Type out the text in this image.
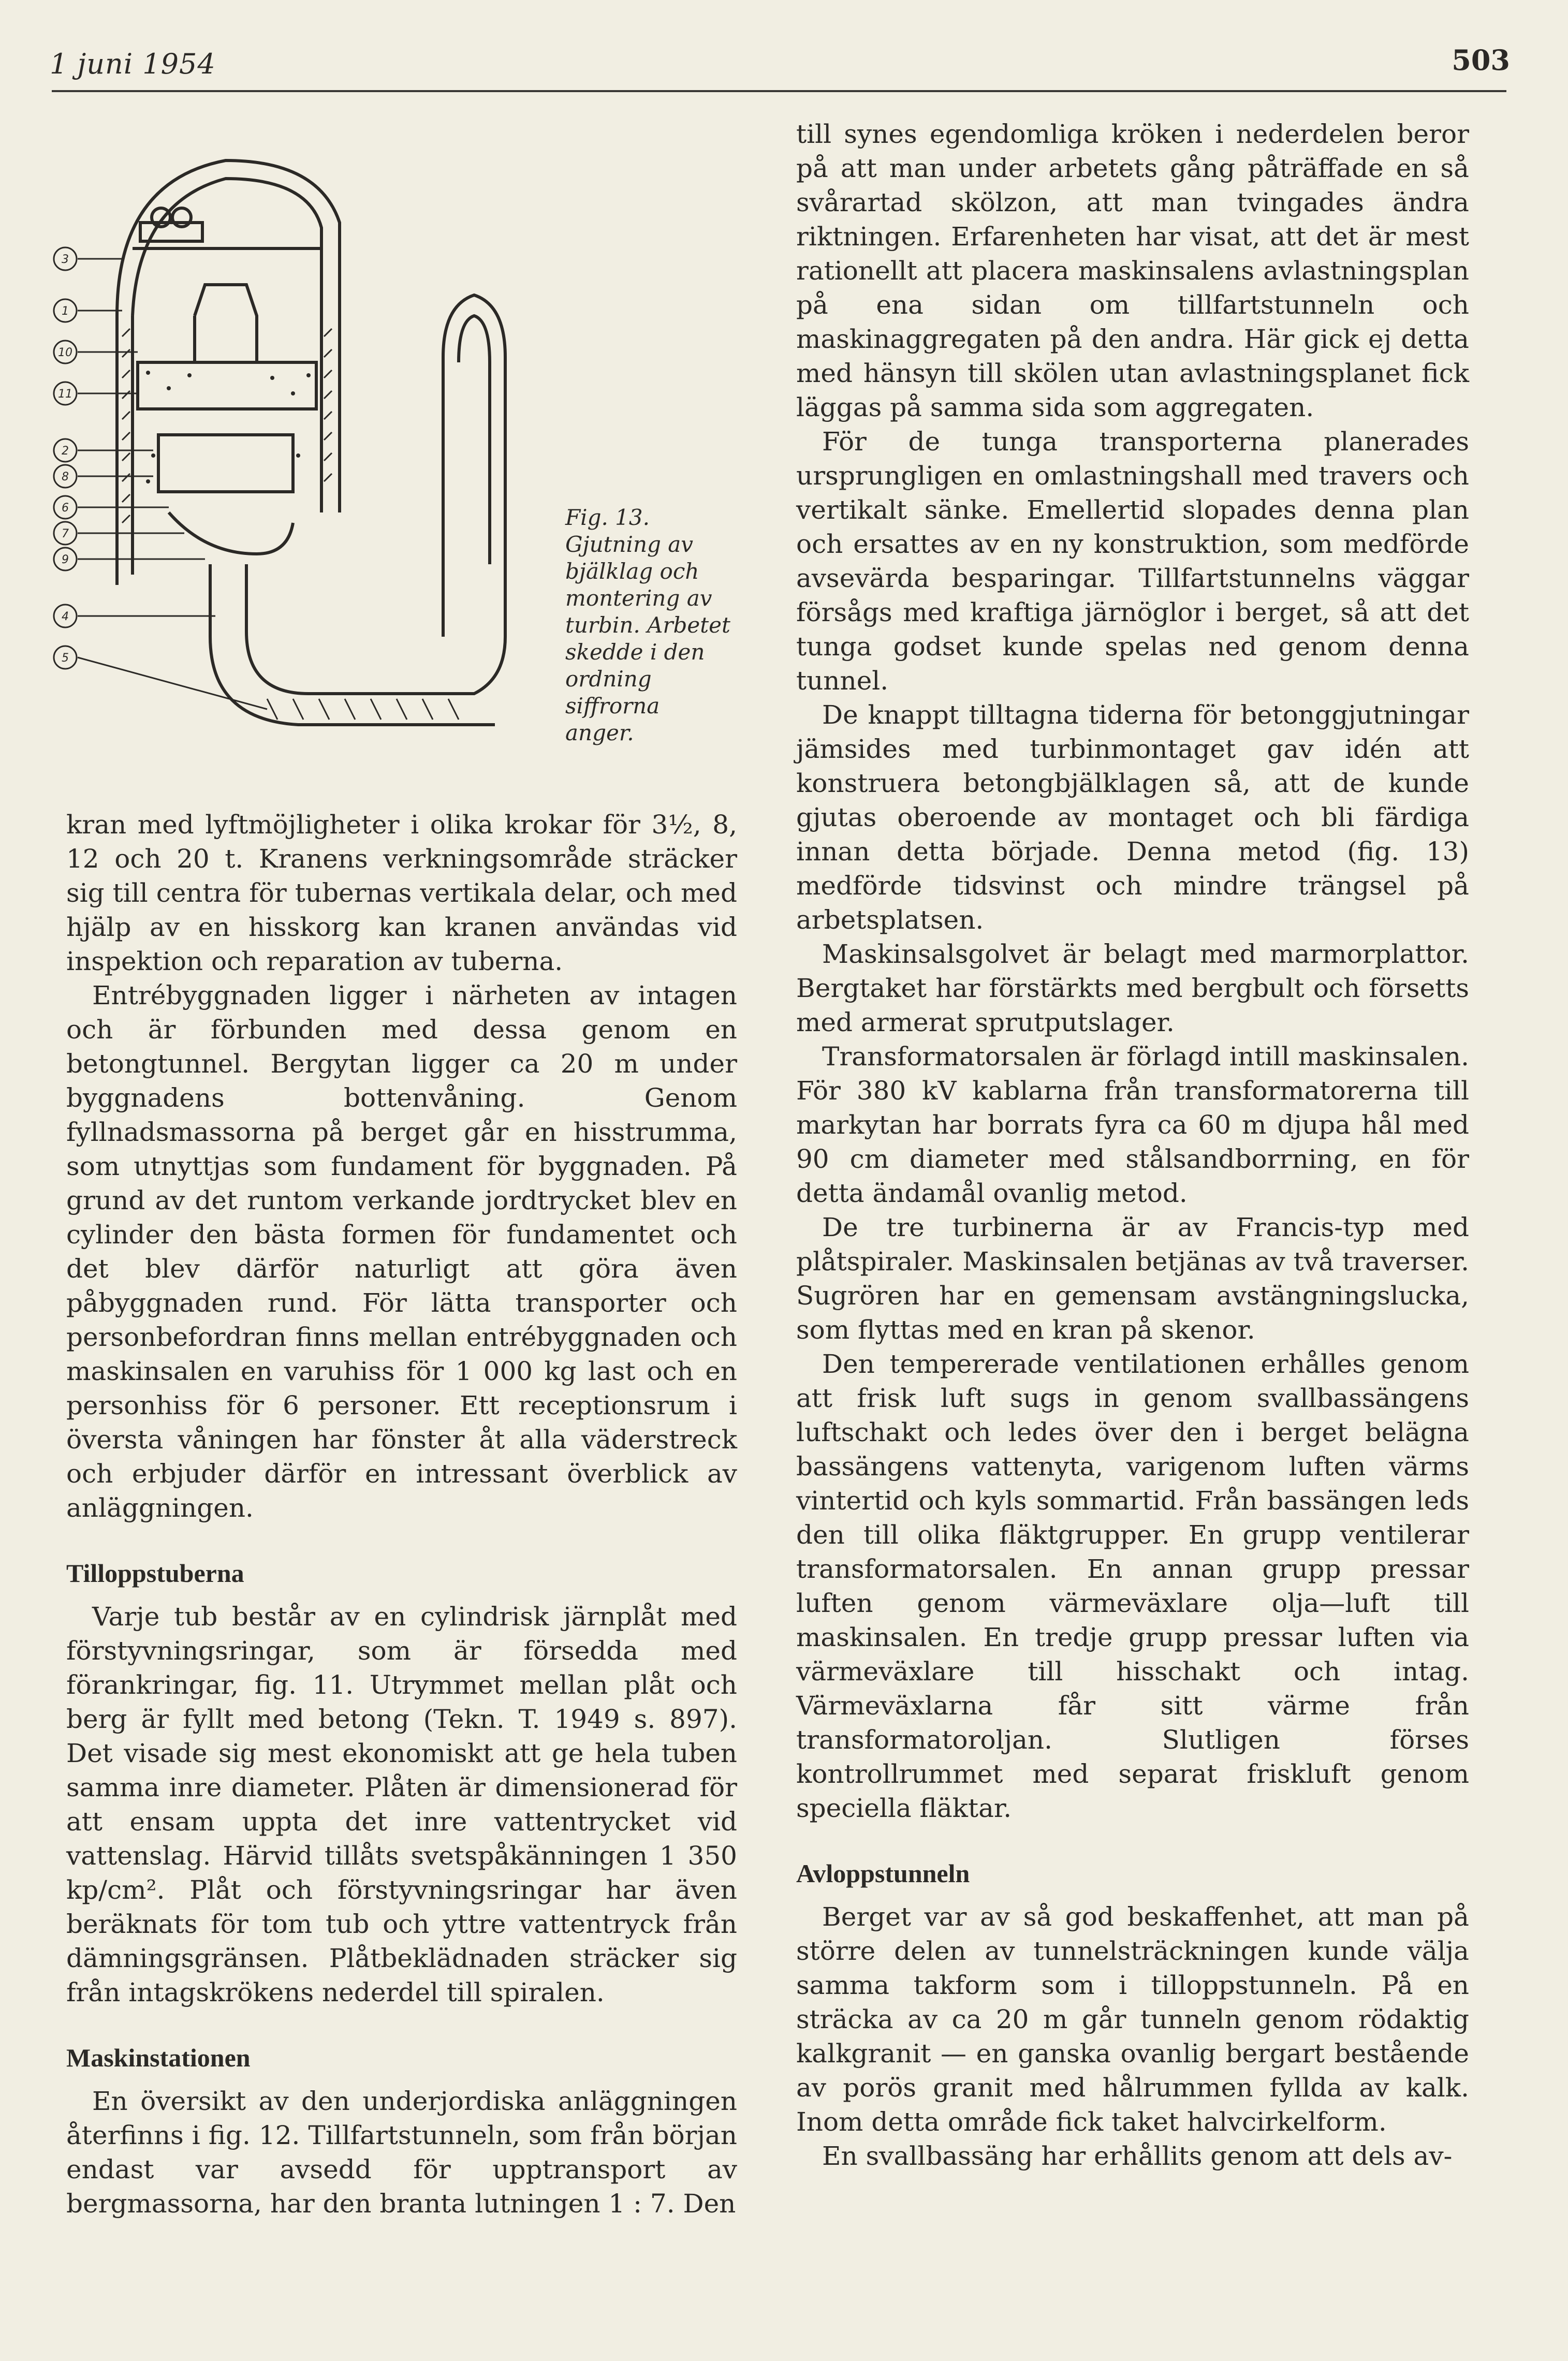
1 juni 1954	503
3
1
10
11
2
8
6
7
9
4
5
Fig. 13.
Gjutning av bjälklag och montering av turbin. Arbetet skedde i den ordning siffrorna anger.

kran med lyftmöjligheter i olika krokar för 3½, 8, 12 och 20 t. Kranens verkningsområde sträcker sig till centra för tubernas vertikala delar, och med hjälp av en hisskorg kan kranen användas vid inspektion och reparation av tuberna.

Entrébyggnaden ligger i närheten av intagen och är förbunden med dessa genom en betongtunnel. Bergytan ligger ca 20 m under byggnadens bottenvåning. Genom fyllnadsmassorna på berget går en hisstrumma, som utnyttjas som fundament för byggnaden. På grund av det runtom verkande jordtrycket blev en cylinder den bästa formen för fundamentet och det blev därför naturligt att göra även påbyggnaden rund. För lätta transporter och personbefordran finns mellan entrébyggnaden och maskinsalen en varuhiss för 1 000 kg last och en personhiss för 6 personer. Ett receptionsrum i översta våningen har fönster åt alla väderstreck och erbjuder därför en intressant överblick av anläggningen.

Tilloppstuberna

Varje tub består av en cylindrisk järnplåt med förstyvningsringar, som är försedda med förankringar, fig. 11. Utrymmet mellan plåt och berg är fyllt med betong (Tekn. T. 1949 s. 897). Det visade sig mest ekonomiskt att ge hela tuben samma inre diameter. Plåten är dimensionerad för att ensam uppta det inre vattentrycket vid vattenslag. Härvid tillåts svetspåkänningen 1 350 kp/cm². Plåt och förstyvningsringar har även beräknats för tom tub och yttre vattentryck från dämningsgränsen. Plåtbeklädnaden sträcker sig från intagskrökens nederdel till spiralen.

Maskinstationen

En översikt av den underjordiska anläggningen återfinns i fig. 12. Tillfartstunneln, som från början endast var avsedd för upptransport av bergmassorna, har den branta lutningen 1 : 7. Den

till synes egendomliga kröken i nederdelen beror på att man under arbetets gång påträffade en så svårartad skölzon, att man tvingades ändra riktningen. Erfarenheten har visat, att det är mest rationellt att placera maskinsalens avlastningsplan på ena sidan om tillfartstunneln och maskinaggregaten på den andra. Här gick ej detta med hänsyn till skölen utan avlastningsplanet fick läggas på samma sida som aggregaten.

För de tunga transporterna planerades ursprungligen en omlastningshall med travers och vertikalt sänke. Emellertid slopades denna plan och ersattes av en ny konstruktion, som medförde avsevärda besparingar. Tillfartstunnelns väggar försågs med kraftiga järnöglor i berget, så att det tunga godset kunde spelas ned genom denna tunnel.

De knappt tilltagna tiderna för betonggjutningar jämsides med turbinmontaget gav idén att konstruera betongbjälklagen så, att de kunde gjutas oberoende av montaget och bli färdiga innan detta började. Denna metod (fig. 13) medförde tidsvinst och mindre trängsel på arbetsplatsen.

Maskinsalsgolvet är belagt med marmorplattor. Bergtaket har förstärkts med bergbult och försetts med armerat sprutputslager.

Transformatorsalen är förlagd intill maskinsalen. För 380 kV kablarna från transformatorerna till markytan har borrats fyra ca 60 m djupa hål med 90 cm diameter med stålsandborrning, en för detta ändamål ovanlig metod.

De tre turbinerna är av Francis-typ med plåtspiraler. Maskinsalen betjänas av två traverser. Sugrören har en gemensam avstängningslucka, som flyttas med en kran på skenor.

Den tempererade ventilationen erhålles genom att frisk luft sugs in genom svallbassängens luftschakt och ledes över den i berget belägna bassängens vattenyta, varigenom luften värms vintertid och kyls sommartid. Från bassängen leds den till olika fläktgrupper. En grupp ventilerar transformatorsalen. En annan grupp pressar luften genom värmeväxlare olja—luft till maskinsalen. En tredje grupp pressar luften via värmeväxlare till hisschakt och intag. Värmeväxlarna får sitt värme från transformatoroljan. Slutligen förses kontrollrummet med separat friskluft genom speciella fläktar.

Avloppstunneln

Berget var av så god beskaffenhet, att man på större delen av tunnelsträckningen kunde välja samma takform som i tilloppstunneln. På en sträcka av ca 20 m går tunneln genom rödaktig kalkgranit — en ganska ovanlig bergart bestående av porös granit med hålrummen fyllda av kalk. Inom detta område fick taket halvcirkelform.

En svallbassäng har erhållits genom att dels av-
